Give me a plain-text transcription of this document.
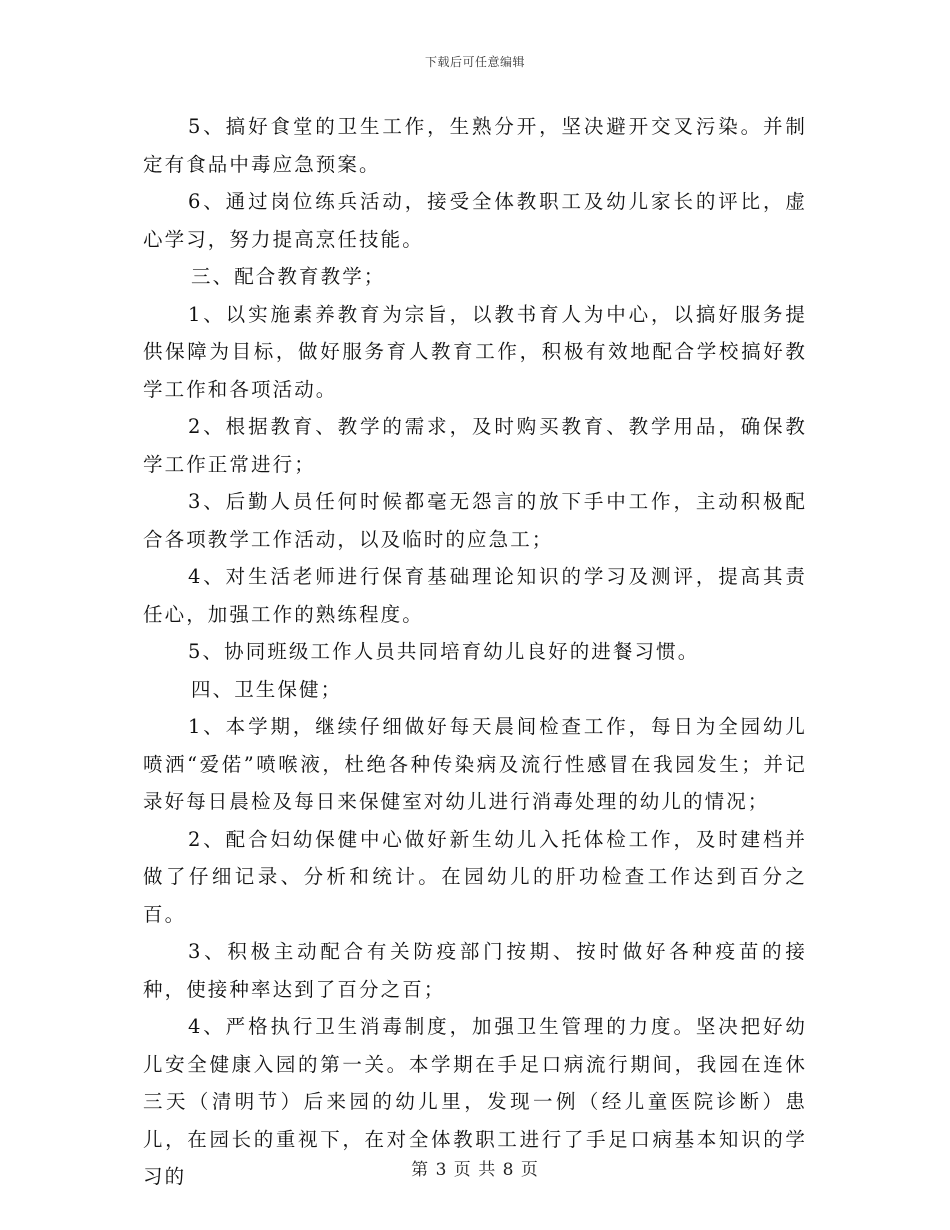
下载后可任意编辑

5、搞好食堂的卫生工作，生熟分开，坚决避开交叉污染。并制定有食品中毒应急预案。

6、通过岗位练兵活动，接受全体教职工及幼儿家长的评比，虚心学习，努力提高烹任技能。

三、配合教育教学；

1、以实施素养教育为宗旨，以教书育人为中心，以搞好服务提供保障为目标，做好服务育人教育工作，积极有效地配合学校搞好教学工作和各项活动。

2、根据教育、教学的需求，及时购买教育、教学用品，确保教学工作正常进行；

3、后勤人员任何时候都毫无怨言的放下手中工作，主动积极配合各项教学工作活动，以及临时的应急工；

4、对生活老师进行保育基础理论知识的学习及测评，提高其责任心，加强工作的熟练程度。

5、协同班级工作人员共同培育幼儿良好的进餐习惯。

四、卫生保健；

1、本学期，继续仔细做好每天晨间检查工作，每日为全园幼儿喷洒“爱偌”喷喉液，杜绝各种传染病及流行性感冒在我园发生；并记录好每日晨检及每日来保健室对幼儿进行消毒处理的幼儿的情况；

2、配合妇幼保健中心做好新生幼儿入托体检工作，及时建档并做了仔细记录、分析和统计。在园幼儿的肝功检查工作达到百分之百。

3、积极主动配合有关防疫部门按期、按时做好各种疫苗的接种，使接种率达到了百分之百；

4、严格执行卫生消毒制度，加强卫生管理的力度。坚决把好幼儿安全健康入园的第一关。本学期在手足口病流行期间，我园在连休三天（清明节）后来园的幼儿里，发现一例（经儿童医院诊断）患儿，在园长的重视下，在对全体教职工进行了手足口病基本知识的学习的	第 3 页 共 8 页
